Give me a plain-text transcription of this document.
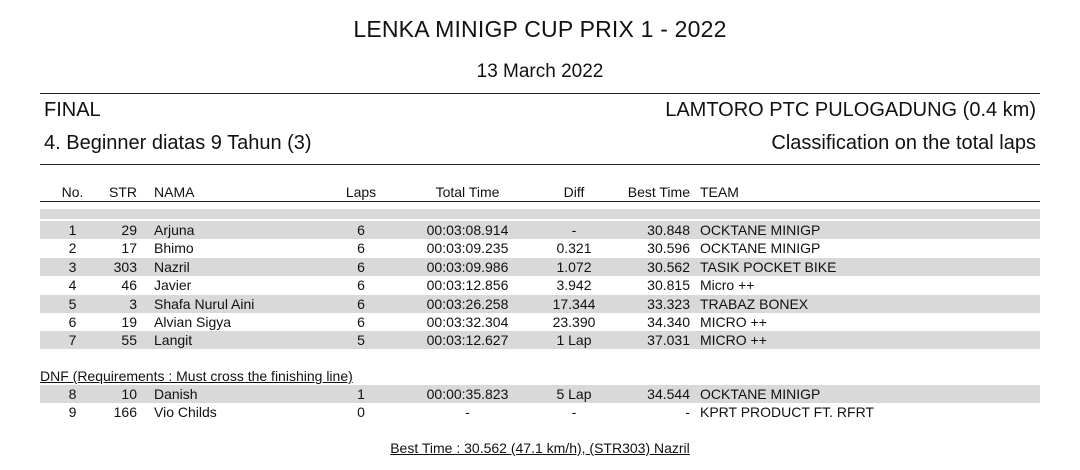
LENKA MINIGP CUP PRIX 1 - 2022
13 March 2022
FINAL	LAMTORO PTC PULOGADUNG (0.4 km)
4. Beginner diatas 9 Tahun (3)	Classification on the total laps
No.	STR NAMA	Laps	Total Time	Diff	Best Time TEAM
1	29 Arjuna	6	00:03:08.914	-	30.848 OCKTANE MINIGP
2	17 Bhimo	6	00:03:09.235	0.321	30.596 OCKTANE MINIGP
3	303 Nazril	6	00:03:09.986	1.072	30.562 TASIK POCKET BIKE
4	46 Javier	6	00:03:12.856	3.942	30.815 Micro ++
5	3 Shafa Nurul Aini	6	00:03:26.258	17.344	33.323 TRABAZ BONEX
6	19 Alvian Sigya	6	00:03:32.304	23.390	34.340 MICRO ++
7	55 Langit	5	00:03:12.627	1 Lap	37.031 MICRO ++
DNF (Requirements : Must cross the finishing line)
8	10 Danish	1	00:00:35.823	5 Lap	34.544 OCKTANE MINIGP
9	166 Vio Childs	0	-	-	- KPRT PRODUCT FT. RFRT
Best Time : 30.562 (47.1 km/h), (STR303) Nazril
